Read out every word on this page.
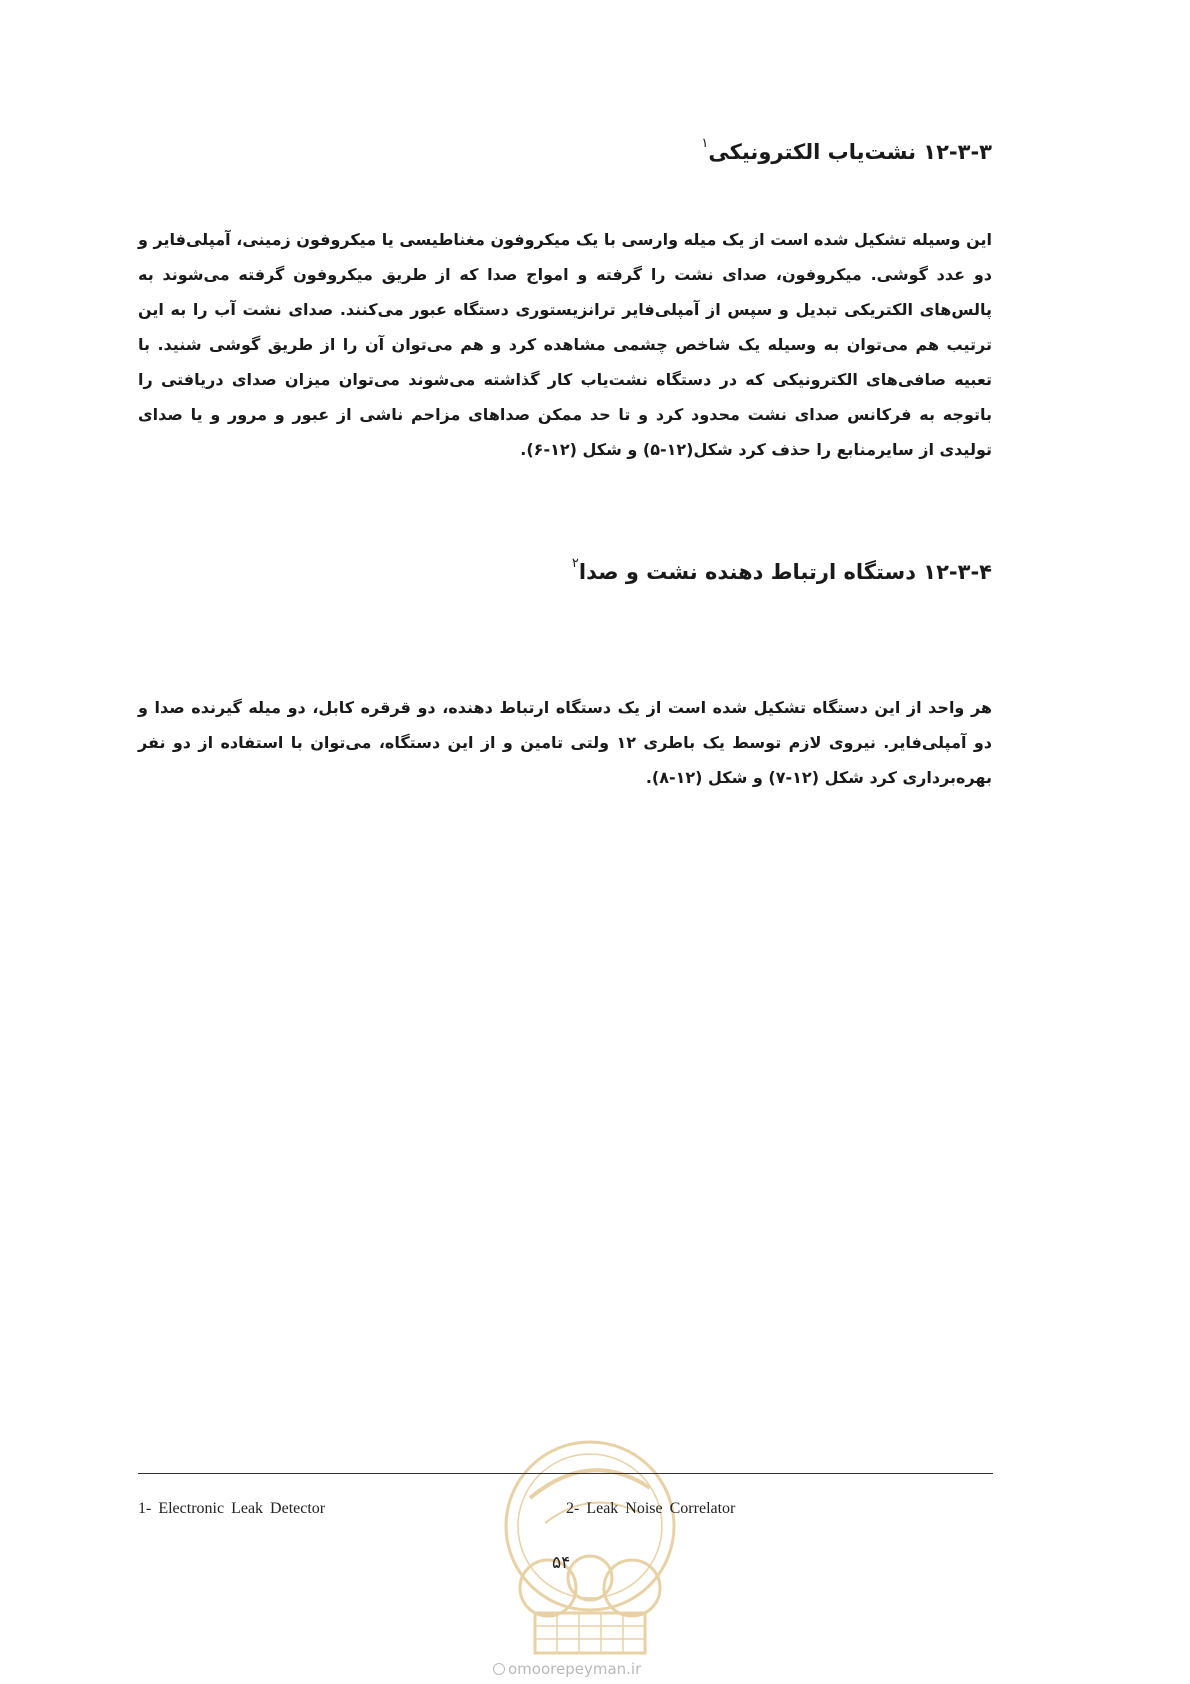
۱۲-۳-۳ نشت‌یاب الکترونیکی$^۱$

این وسیله تشکیل شده است از یک میله وارسی با یک میکروفون مغناطیسی یا میکروفون زمینی، آمپلی‌فایر و دو عدد گوشی. میکروفون، صدای نشت را گرفته و امواج صدا که از طریق میکروفون گرفته می‌شوند به پالس‌های الکتریکی تبدیل و سپس از آمپلی‌فایر ترانزیستوری دستگاه عبور می‌کنند. صدای نشت آب را به این ترتیب هم می‌توان به وسیله یک شاخص چشمی مشاهده کرد و هم می‌توان آن را از طریق گوشی شنید. با تعبیه صافی‌های الکترونیکی که در دستگاه نشت‌یاب کار گذاشته می‌شوند می‌توان میزان صدای دریافتی را باتوجه به فرکانس صدای نشت محدود کرد و تا حد ممکن صداهای مزاحم ناشی از عبور و مرور و یا صدای تولیدی از سایرمنابع را حذف کرد شکل(۱۲-۵) و شکل (۱۲-۶).

۱۲-۳-۴ دستگاه ارتباط دهنده نشت و صدا$^۲$

هر واحد از این دستگاه تشکیل شده است از یک دستگاه ارتباط دهنده، دو قرقره کابل، دو میله گیرنده صدا و دو آمپلی‌فایر. نیروی لازم توسط یک باطری ۱۲ ولتی تامین و از این دستگاه، می‌توان با استفاده از دو نفر بهره‌برداری کرد شکل (۱۲-۷) و شکل (۱۲-۸).

1- Electronic Leak Detector	2- Leak Noise Correlator
۵۴
omoorepeyman.ir
